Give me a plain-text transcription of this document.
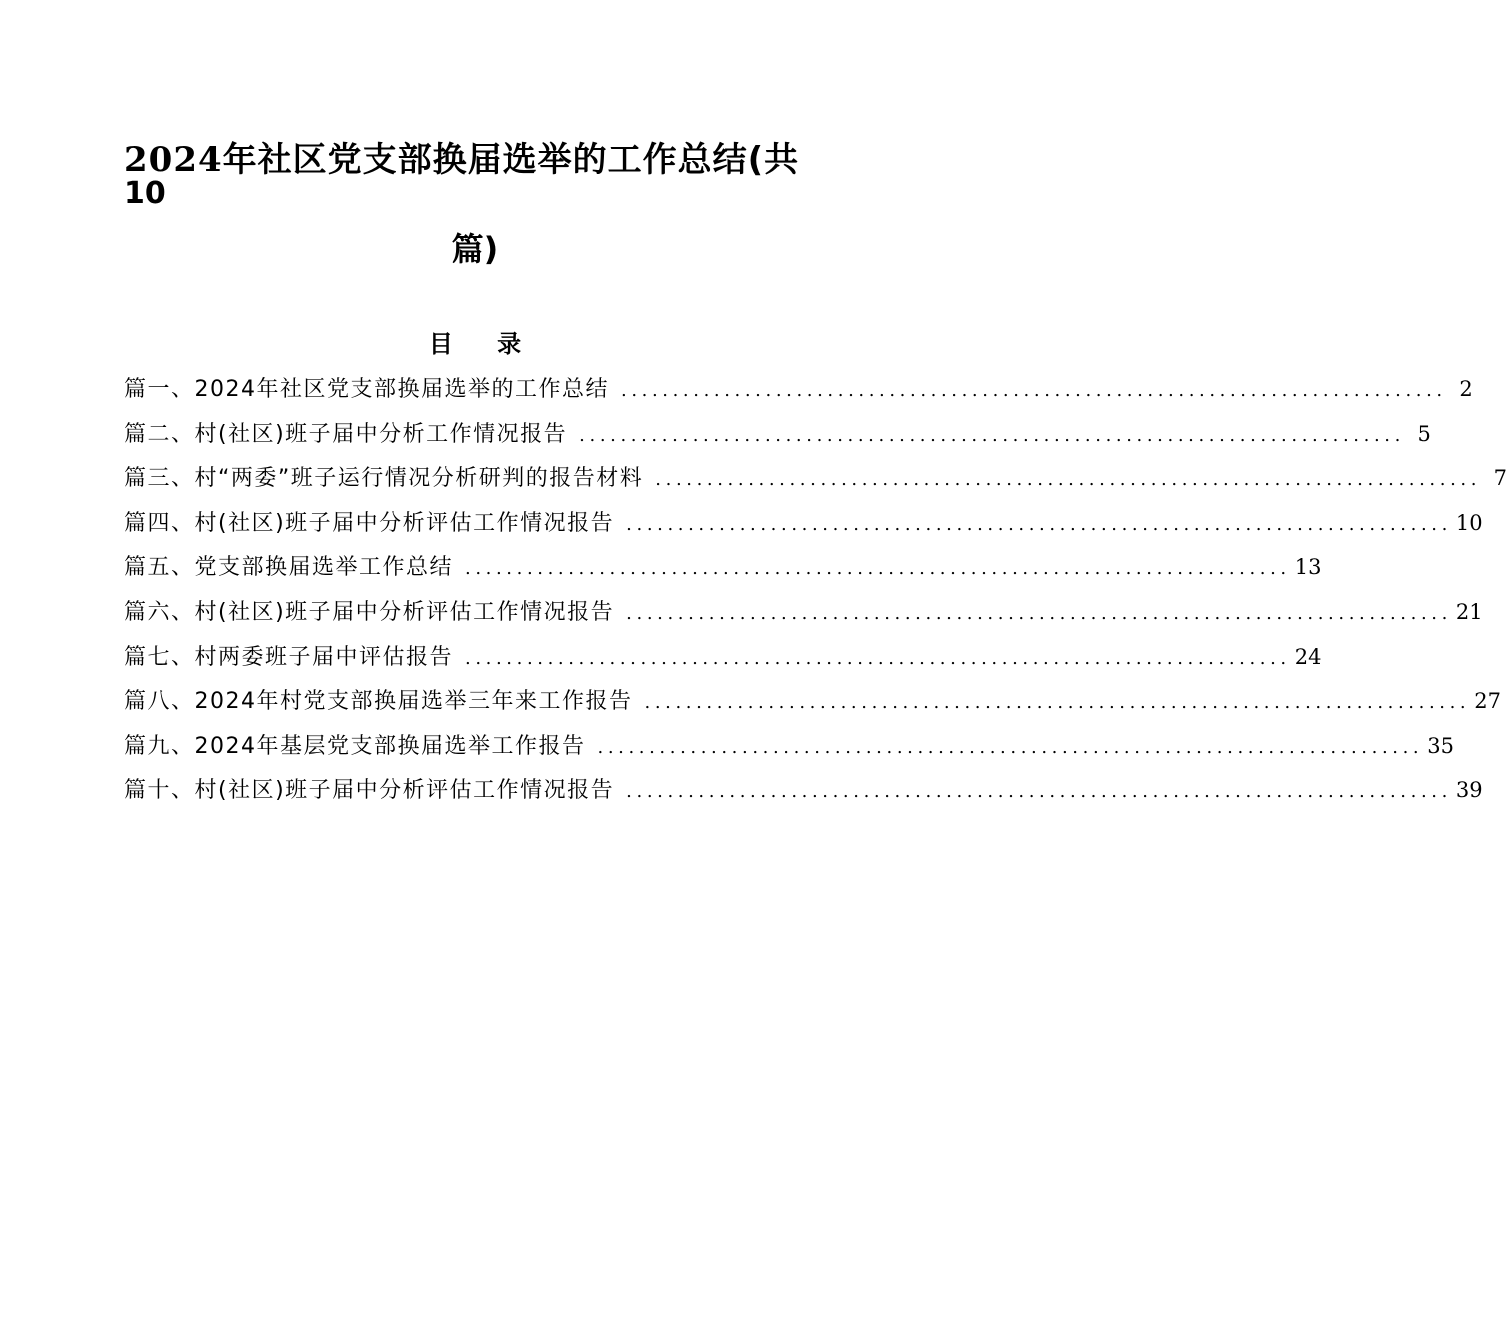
2024年社区党支部换届选举的工作总结(共
10
篇)
目 录
篇一、2024年社区党支部换届选举的工作总结 ................................................................................ 2
篇二、村(社区)班子届中分析工作情况报告 ................................................................................ 5
篇三、村“两委”班子运行情况分析研判的报告材料 ................................................................................ 7
篇四、村(社区)班子届中分析评估工作情况报告 ................................................................................ 10
篇五、党支部换届选举工作总结 ................................................................................ 13
篇六、村(社区)班子届中分析评估工作情况报告 ................................................................................ 21
篇七、村两委班子届中评估报告 ................................................................................ 24
篇八、2024年村党支部换届选举三年来工作报告 ................................................................................ 27
篇九、2024年基层党支部换届选举工作报告 ................................................................................ 35
篇十、村(社区)班子届中分析评估工作情况报告 ................................................................................ 39
